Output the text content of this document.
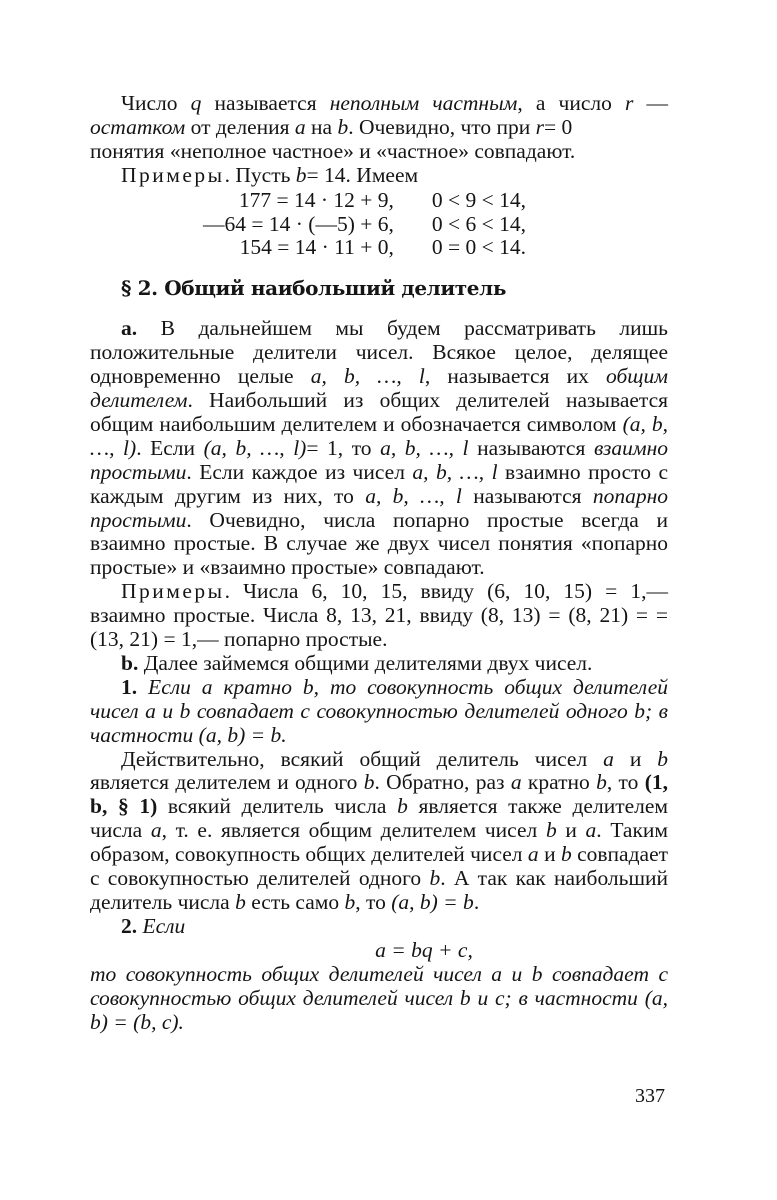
Число q называется неполным частным, а число r — остатком от деления a на b. Очевидно, что при r= 0
понятия «неполное частное» и «частное» совпадают.

Примеры. Пусть b= 14. Имеем

177 = 14 · 12 + 9,	0 < 9 < 14,
—64 = 14 · (—5) + 6,	0 < 6 < 14,
154 = 14 · 11 + 0,	0 = 0 < 14.
§ 2. Общий наибольший делитель

a. В дальнейшем мы будем рассматривать лишь положительные делители чисел. Всякое целое, делящее одновременно целые a, b, …, l, называется их общим делителем. Наибольший из общих делителей называется общим наибольшим делителем и обозначается символом (a, b, …, l). Если (a, b, …, l)= 1, то a, b, …, l называются взаимно простыми. Если каждое из чисел a, b, …, l взаимно просто с каждым другим из них, то a, b, …, l называются попарно простыми. Очевидно, числа попарно простые всегда и взаимно простые. В случае же двух чисел понятия «попарно простые» и «взаимно простые» совпадают.

Примеры. Числа 6, 10, 15, ввиду (6, 10, 15) = 1,— взаимно простые. Числа 8, 13, 21, ввиду (8, 13) = (8, 21) = = (13, 21) = 1,— попарно простые.

b. Далее займемся общими делителями двух чисел.

1. Если a кратно b, то совокупность общих делителей чисел a и b совпадает с совокупностью делителей одного b; в частности (a, b) = b.

Действительно, всякий общий делитель чисел a и b является делителем и одного b. Обратно, раз a кратно b, то (1, b, § 1) всякий делитель числа b является также делителем числа a, т. е. является общим делителем чисел b и a. Таким образом, совокупность общих делителей чисел a и b совпадает с совокупностью делителей одного b. А так как наибольший делитель числа b есть само b, то (a, b) = b.

2. Если

a = bq + c,

то совокупность общих делителей чисел a и b совпадает с совокупностью общих делителей чисел b и c; в частности (a, b) = (b, c).

337
